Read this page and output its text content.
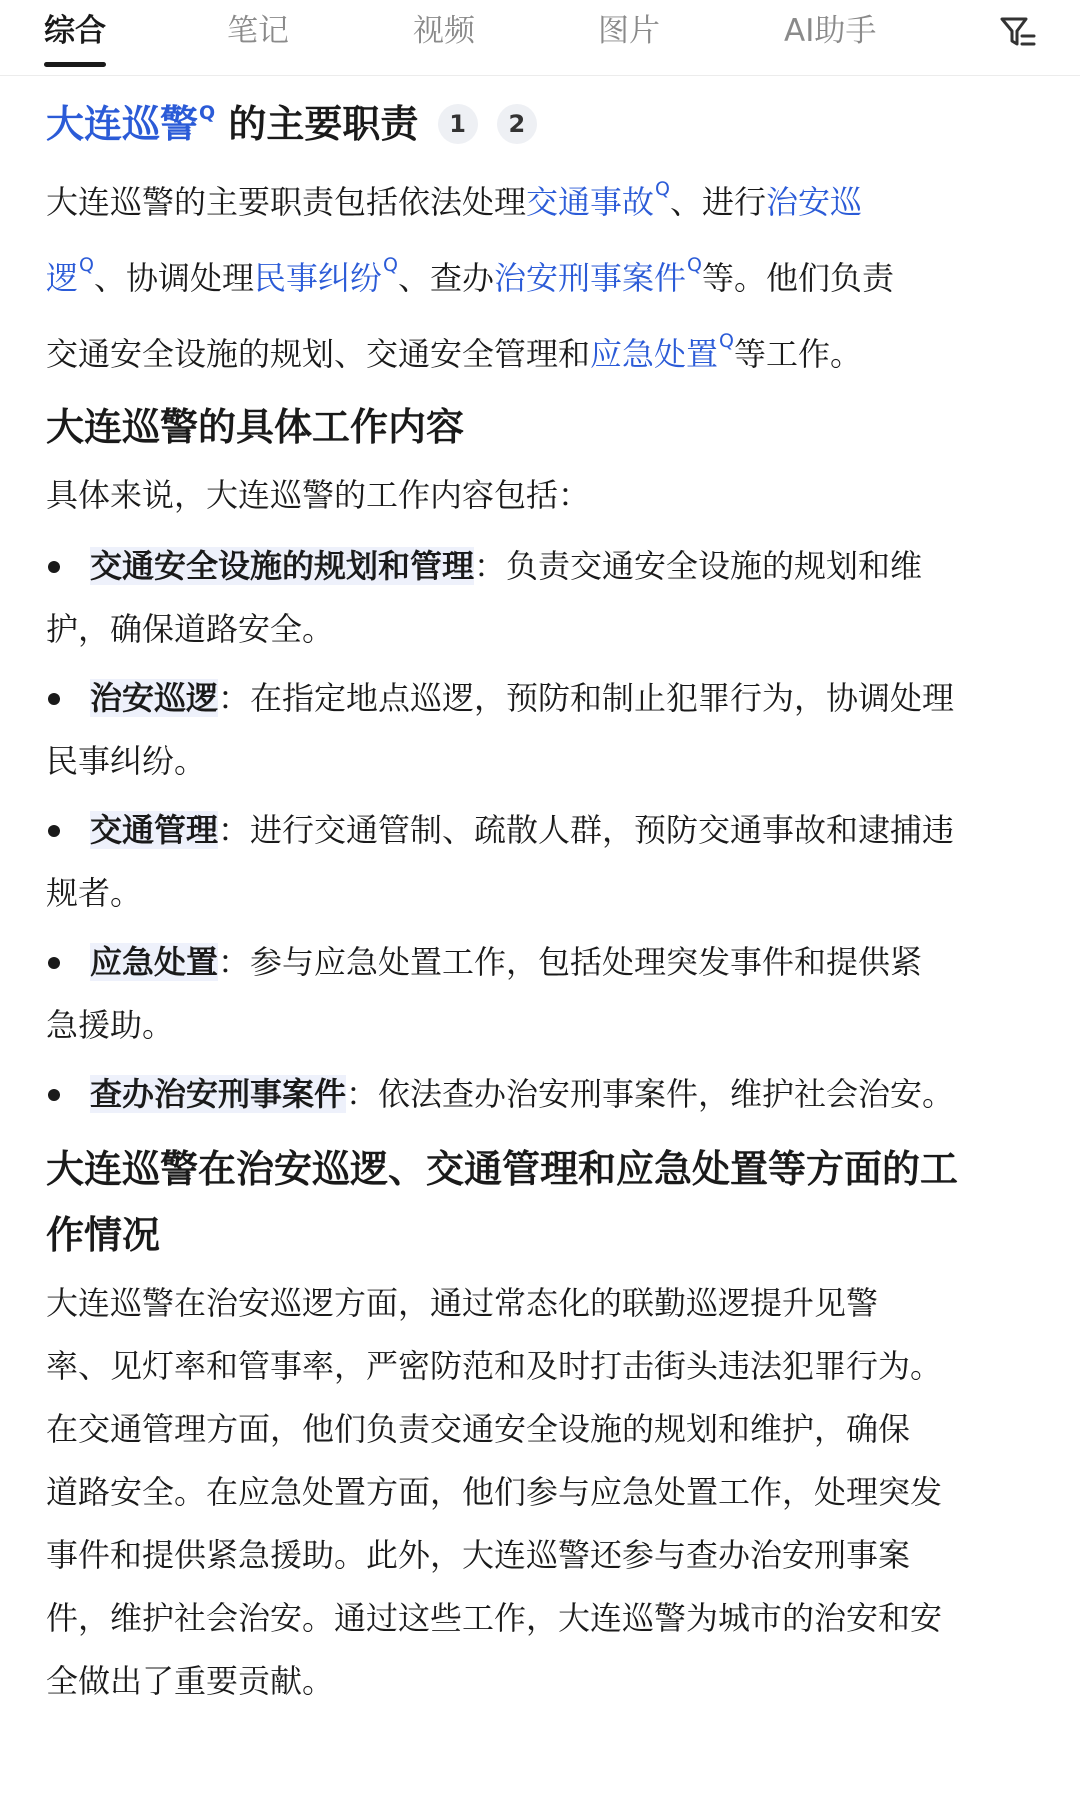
综合	笔记	视频	图片	AI助手
大连巡警$^Q$ 的主要职责 1 2
大连巡警的主要职责包括依法处理交通事故$^Q$、进行治安巡
逻$^Q$、协调处理民事纠纷$^Q$、查办治安刑事案件$^Q$等。他们负责
交通安全设施的规划、交通安全管理和应急处置$^Q$等工作。
大连巡警的具体工作内容
具体来说，大连巡警的工作内容包括：
交通安全设施的规划和管理：负责交通安全设施的规划和维
护，确保道路安全。
治安巡逻：在指定地点巡逻，预防和制止犯罪行为，协调处理
民事纠纷。
交通管理：进行交通管制、疏散人群，预防交通事故和逮捕违
规者。
应急处置：参与应急处置工作，包括处理突发事件和提供紧
急援助。
查办治安刑事案件：依法查办治安刑事案件，维护社会治安。
大连巡警在治安巡逻、交通管理和应急处置等方面的工
作情况
大连巡警在治安巡逻方面，通过常态化的联勤巡逻提升见警
率、见灯率和管事率，严密防范和及时打击街头违法犯罪行为。
在交通管理方面，他们负责交通安全设施的规划和维护，确保
道路安全。在应急处置方面，他们参与应急处置工作，处理突发
事件和提供紧急援助。此外，大连巡警还参与查办治安刑事案
件，维护社会治安。通过这些工作，大连巡警为城市的治安和安
全做出了重要贡献。
